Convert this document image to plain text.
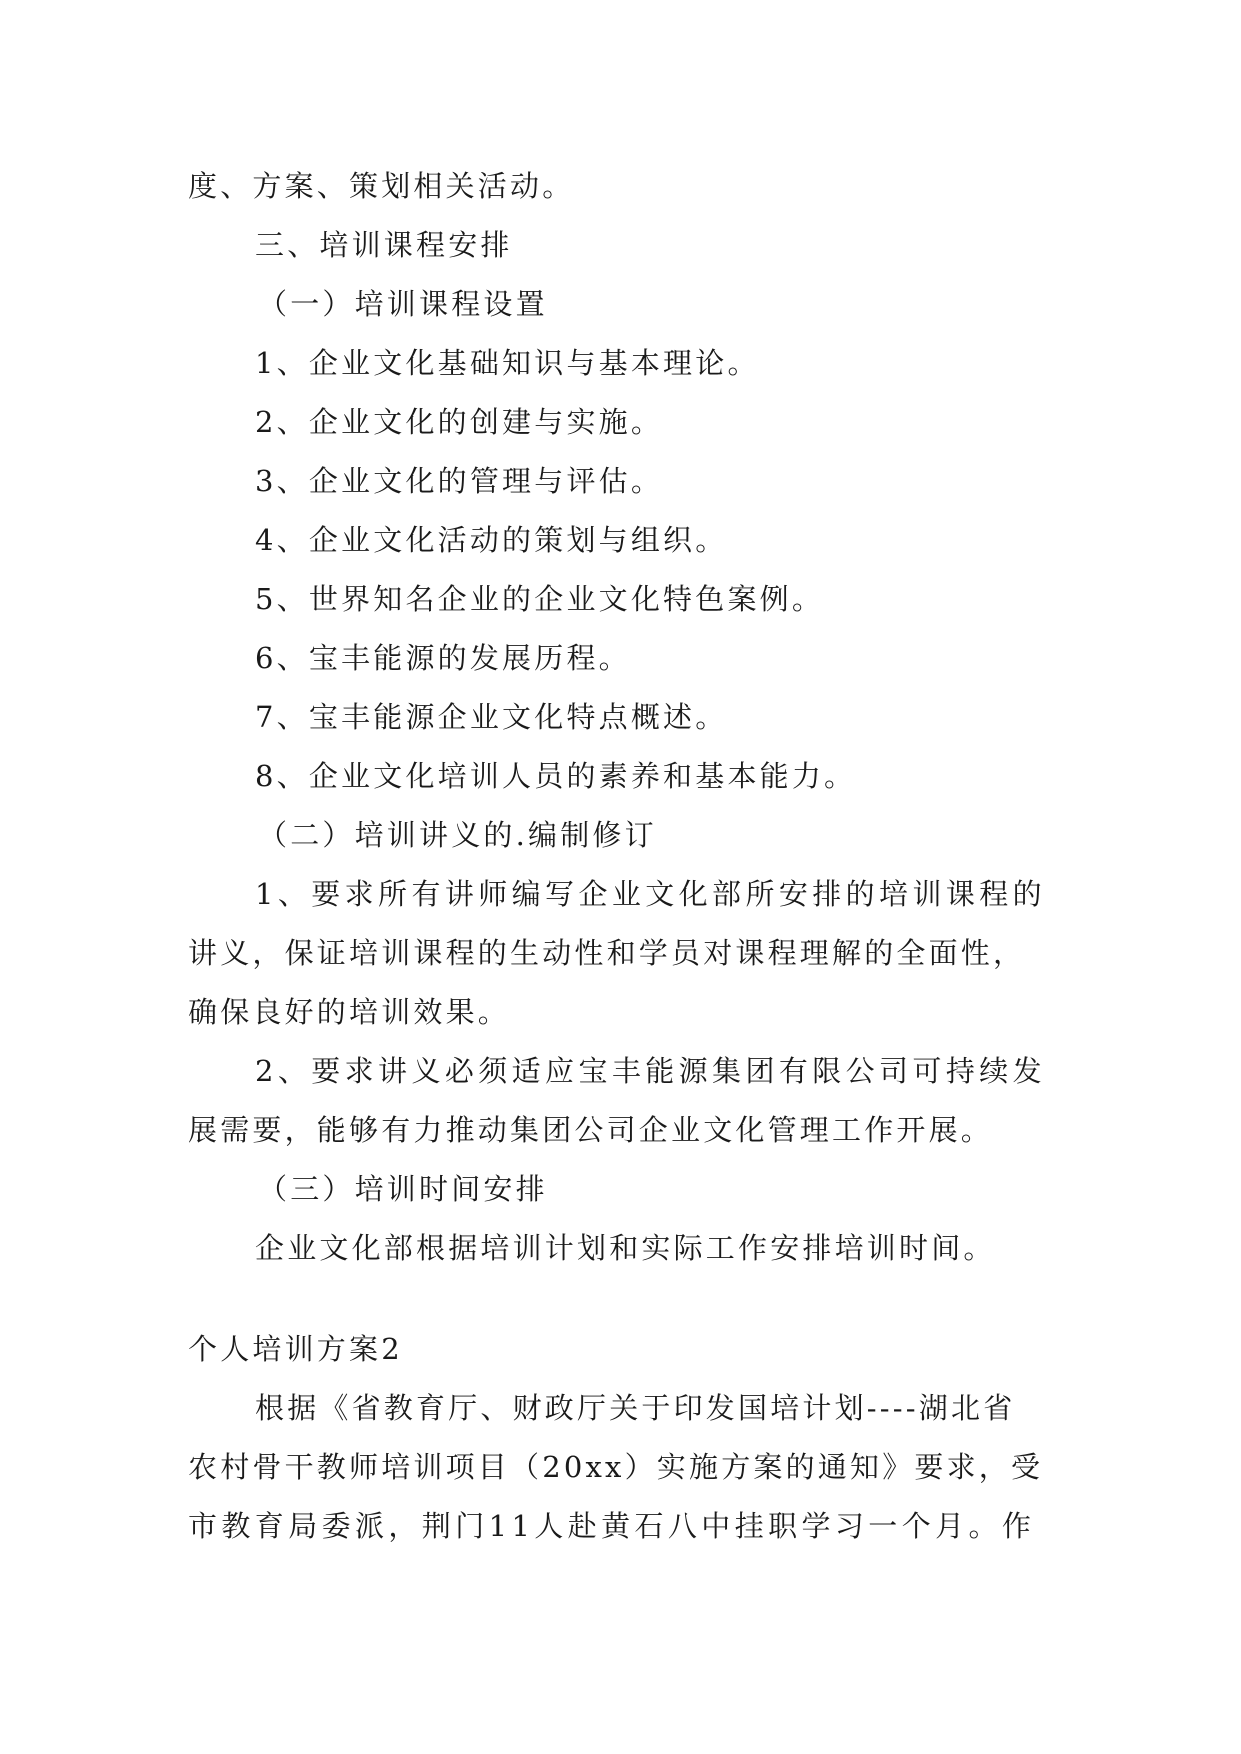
度、方案、策划相关活动。
三、培训课程安排
（一）培训课程设置
1、企业文化基础知识与基本理论。
2、企业文化的创建与实施。
3、企业文化的管理与评估。
4、企业文化活动的策划与组织。
5、世界知名企业的企业文化特色案例。
6、宝丰能源的发展历程。
7、宝丰能源企业文化特点概述。
8、企业文化培训人员的素养和基本能力。
（二）培训讲义的.编制修订
1、要求所有讲师编写企业文化部所安排的培训课程的
讲义，保证培训课程的生动性和学员对课程理解的全面性，
确保良好的培训效果。
2、要求讲义必须适应宝丰能源集团有限公司可持续发
展需要，能够有力推动集团公司企业文化管理工作开展。
（三）培训时间安排
企业文化部根据培训计划和实际工作安排培训时间。
个人培训方案2
根据《省教育厅、财政厅关于印发国培计划----湖北省
农村骨干教师培训项目（20xx）实施方案的通知》要求，受
市教育局委派，荆门11人赴黄石八中挂职学习一个月。作
